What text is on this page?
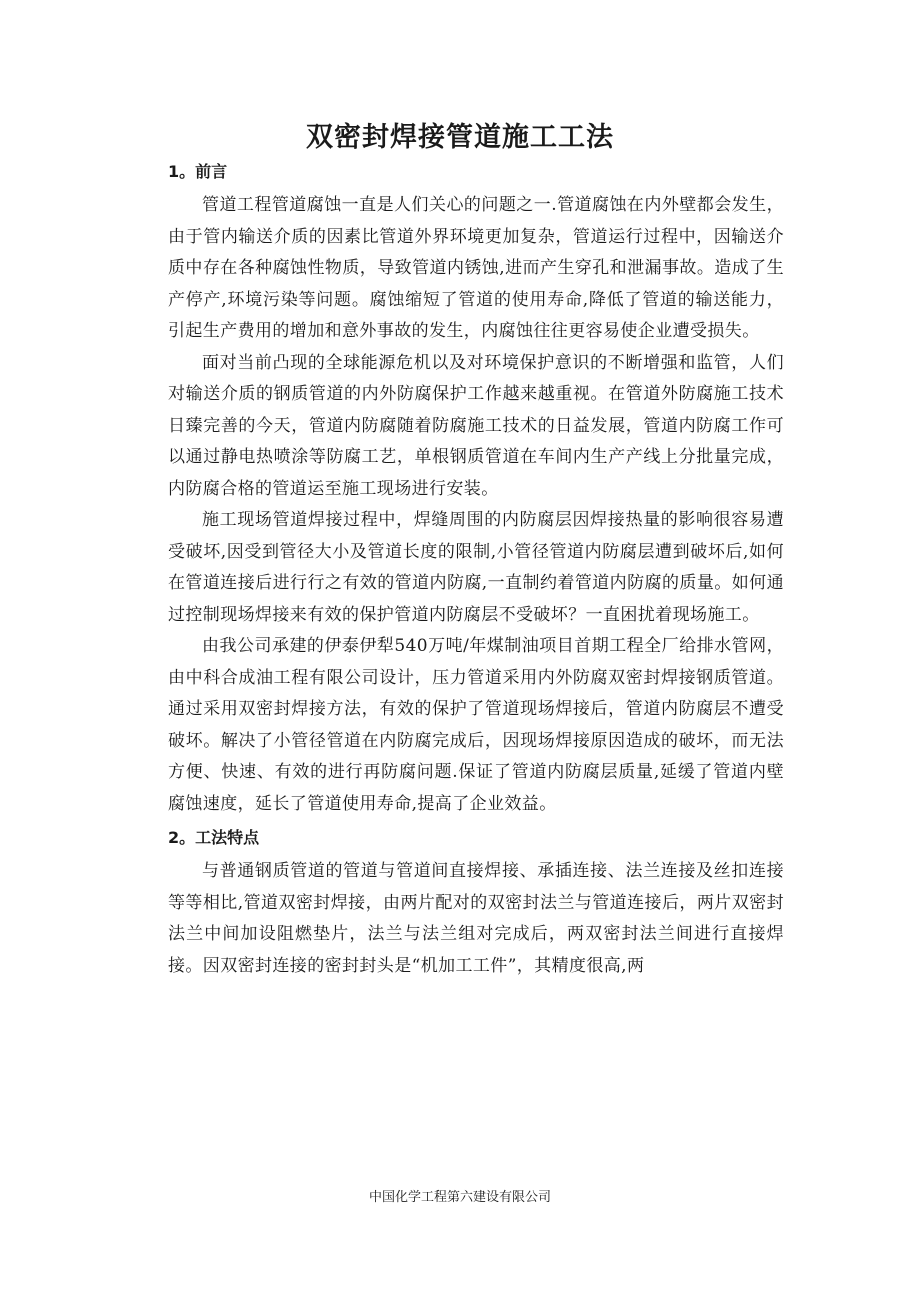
双密封焊接管道施工工法
1。前言

管道工程管道腐蚀一直是人们关心的问题之一.管道腐蚀在内外壁都会发生，由于管内输送介质的因素比管道外界环境更加复杂，管道运行过程中，因输送介质中存在各种腐蚀性物质，导致管道内锈蚀,进而产生穿孔和泄漏事故。造成了生产停产,环境污染等问题。腐蚀缩短了管道的使用寿命,降低了管道的输送能力，引起生产费用的增加和意外事故的发生，内腐蚀往往更容易使企业遭受损失。

面对当前凸现的全球能源危机以及对环境保护意识的不断增强和监管，人们对输送介质的钢质管道的内外防腐保护工作越来越重视。在管道外防腐施工技术日臻完善的今天，管道内防腐随着防腐施工技术的日益发展，管道内防腐工作可以通过静电热喷涂等防腐工艺，单根钢质管道在车间内生产产线上分批量完成，内防腐合格的管道运至施工现场进行安装。

施工现场管道焊接过程中，焊缝周围的内防腐层因焊接热量的影响很容易遭受破坏,因受到管径大小及管道长度的限制,小管径管道内防腐层遭到破坏后,如何在管道连接后进行行之有效的管道内防腐,一直制约着管道内防腐的质量。如何通过控制现场焊接来有效的保护管道内防腐层不受破坏？一直困扰着现场施工。

由我公司承建的伊泰伊犁540万吨/年煤制油项目首期工程全厂给排水管网，由中科合成油工程有限公司设计，压力管道采用内外防腐双密封焊接钢质管道。通过采用双密封焊接方法，有效的保护了管道现场焊接后，管道内防腐层不遭受破坏。解决了小管径管道在内防腐完成后，因现场焊接原因造成的破坏，而无法方便、快速、有效的进行再防腐问题.保证了管道内防腐层质量,延缓了管道内壁腐蚀速度，延长了管道使用寿命,提高了企业效益。

2。工法特点

与普通钢质管道的管道与管道间直接焊接、承插连接、法兰连接及丝扣连接等等相比,管道双密封焊接，由两片配对的双密封法兰与管道连接后，两片双密封法兰中间加设阻燃垫片，法兰与法兰组对完成后，两双密封法兰间进行直接焊接。因双密封连接的密封封头是“机加工工件”，其精度很高,两

中国化学工程第六建设有限公司
